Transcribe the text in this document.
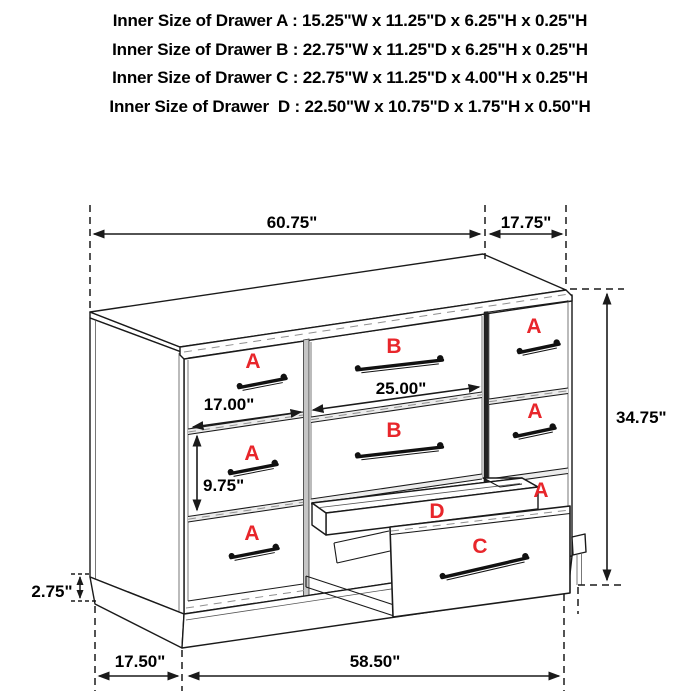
Inner Size of Drawer A : 15.25"W x 11.25"D x 6.25"H x 0.25"H
Inner Size of Drawer B : 22.75"W x 11.25"D x 6.25"H x 0.25"H
Inner Size of Drawer C : 22.75"W x 11.25"D x 4.00"H x 0.25"H
Inner Size of Drawer  D : 22.50"W x 10.75"D x 1.75"H x 0.50"H
60.75"	17.75"
34.75"
17.00"
25.00"
9.75"
2.75"
17.50"	58.50"
A
A
A
B
B
A
A
A
C
D
